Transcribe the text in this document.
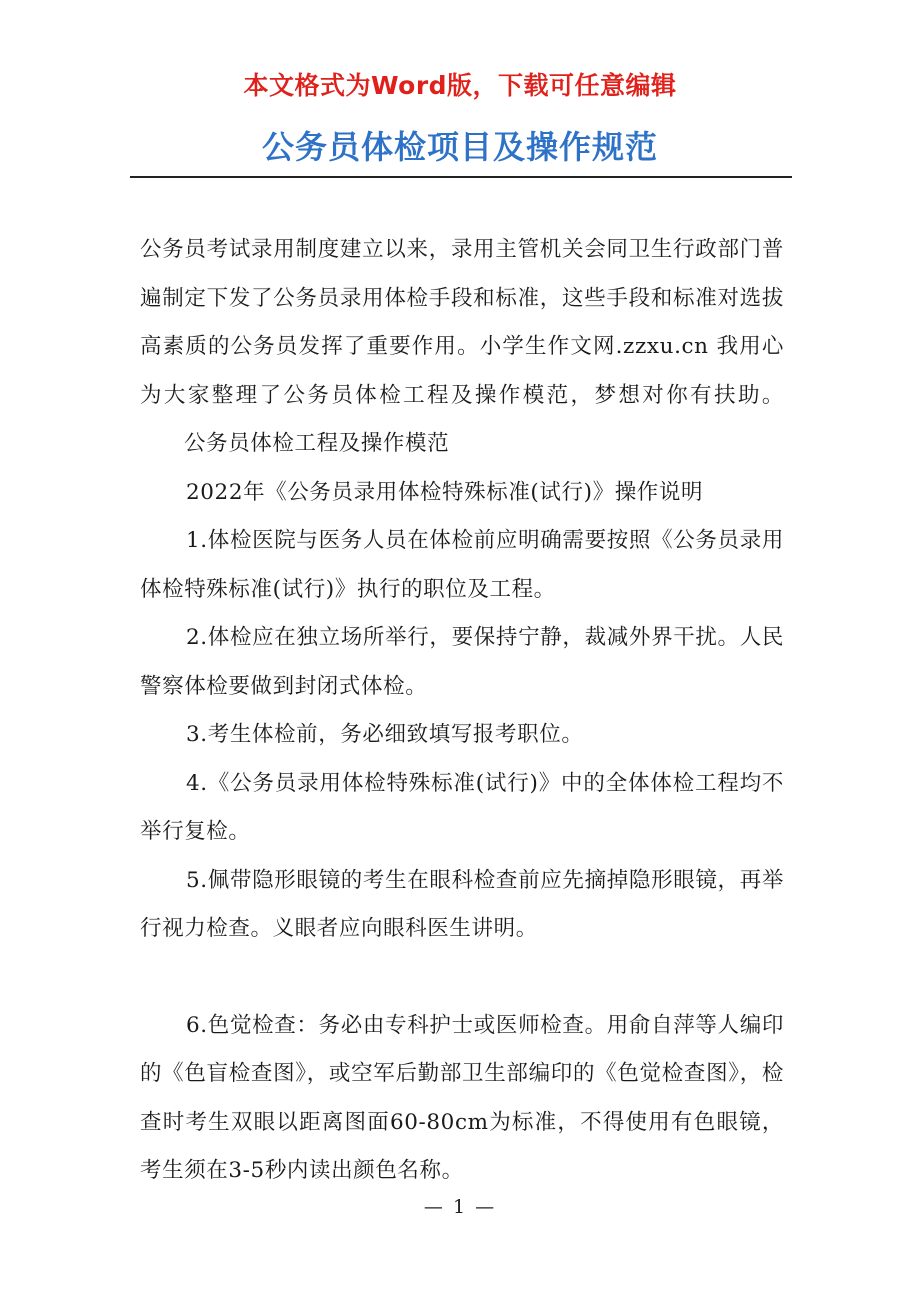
本文格式为Word版，下载可任意编辑
公务员体检项目及操作规范

公务员考试录用制度建立以来，录用主管机关会同卫生行政部门普遍制定下发了公务员录用体检手段和标准，这些手段和标准对选拔高素质的公务员发挥了重要作用。小学生作文网.zzxu.cn 我用心为大家整理了公务员体检工程及操作模范，梦想对你有扶助。公务员体检工程及操作模范

2022年《公务员录用体检特殊标准(试行)》操作说明

1.体检医院与医务人员在体检前应明确需要按照《公务员录用体检特殊标准(试行)》执行的职位及工程。

2.体检应在独立场所举行，要保持宁静，裁减外界干扰。人民警察体检要做到封闭式体检。

3.考生体检前，务必细致填写报考职位。

4.《公务员录用体检特殊标准(试行)》中的全体体检工程均不举行复检。

5.佩带隐形眼镜的考生在眼科检查前应先摘掉隐形眼镜，再举行视力检查。义眼者应向眼科医生讲明。

6.色觉检查：务必由专科护士或医师检查。用俞自萍等人编印的《色盲检查图》，或空军后勤部卫生部编印的《色觉检查图》，检查时考生双眼以距离图面60-80cm为标准，不得使用有色眼镜，考生须在3-5秒内读出颜色名称。

— 1 —
